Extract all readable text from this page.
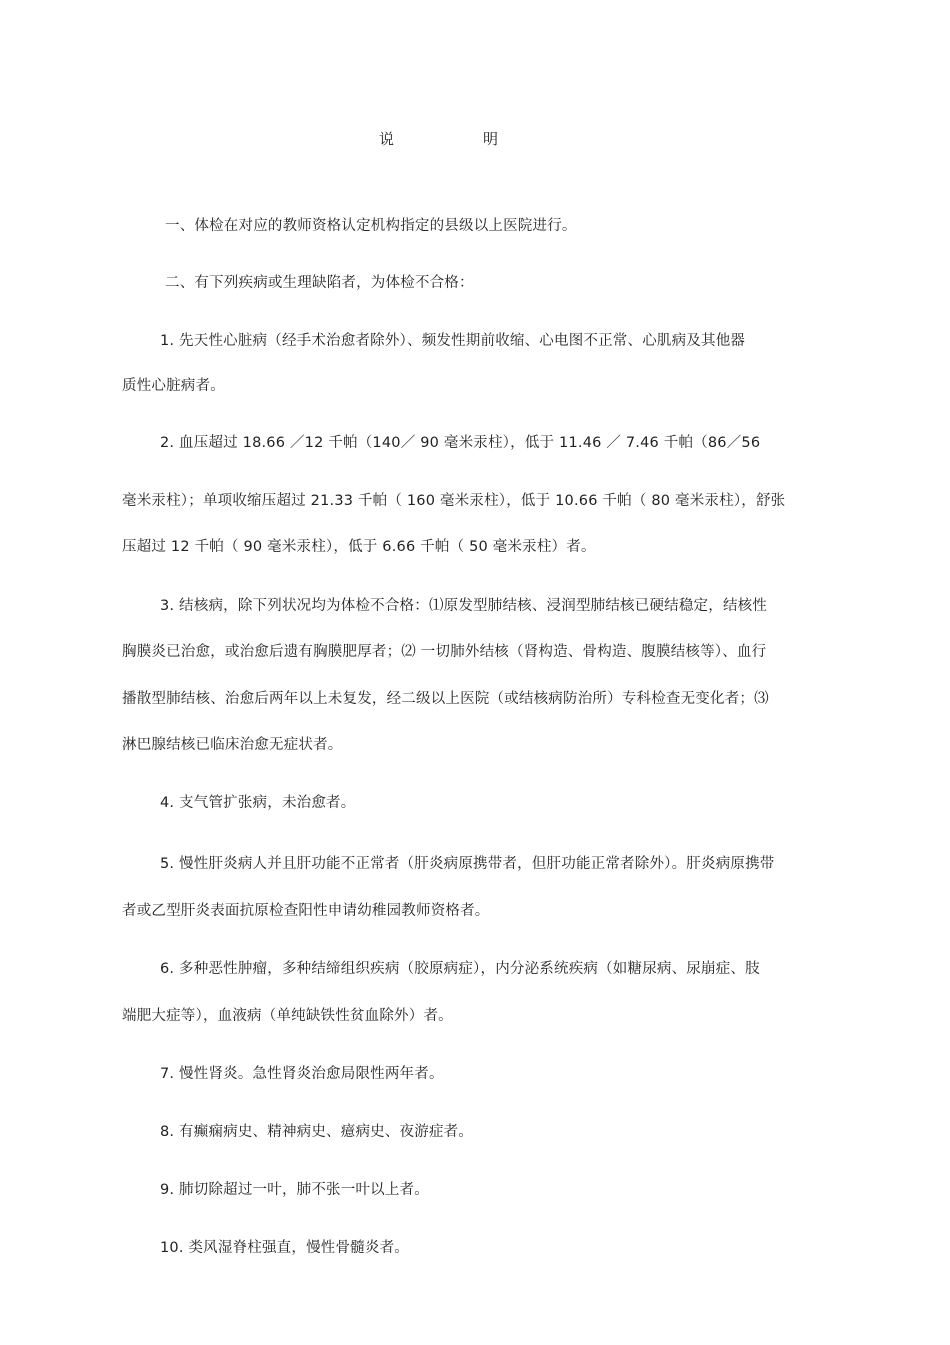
说	明
一、体检在对应的教师资格认定机构指定的县级以上医院进行。
二、有下列疾病或生理缺陷者，为体检不合格：
1. 先天性心脏病（经手术治愈者除外）、频发性期前收缩、心电图不正常、心肌病及其他器
质性心脏病者。
2. 血压超过 18.66 ／12 千帕（140／ 90 毫米汞柱），低于 11.46 ／ 7.46 千帕（86／56
毫米汞柱）；单项收缩压超过 21.33 千帕（ 160 毫米汞柱），低于 10.66 千帕（ 80 毫米汞柱），舒张
压超过 12 千帕（ 90 毫米汞柱），低于 6.66 千帕（ 50 毫米汞柱）者。
3. 结核病，除下列状况均为体检不合格：⑴原发型肺结核、浸润型肺结核已硬结稳定，结核性
胸膜炎已治愈，或治愈后遗有胸膜肥厚者；⑵ 一切肺外结核（肾构造、骨构造、腹膜结核等）、血行
播散型肺结核、治愈后两年以上未复发，经二级以上医院（或结核病防治所）专科检查无变化者；⑶
淋巴腺结核已临床治愈无症状者。
4. 支气管扩张病，未治愈者。
5. 慢性肝炎病人并且肝功能不正常者（肝炎病原携带者，但肝功能正常者除外）。肝炎病原携带
者或乙型肝炎表面抗原检查阳性申请幼稚园教师资格者。
6. 多种恶性肿瘤，多种结缔组织疾病（胶原病症），内分泌系统疾病（如糖尿病、尿崩症、肢
端肥大症等），血液病（单纯缺铁性贫血除外）者。
7. 慢性肾炎。急性肾炎治愈局限性两年者。
8. 有癫痫病史、精神病史、癔病史、夜游症者。
9. 肺切除超过一叶，肺不张一叶以上者。
10. 类风湿脊柱强直，慢性骨髓炎者。
